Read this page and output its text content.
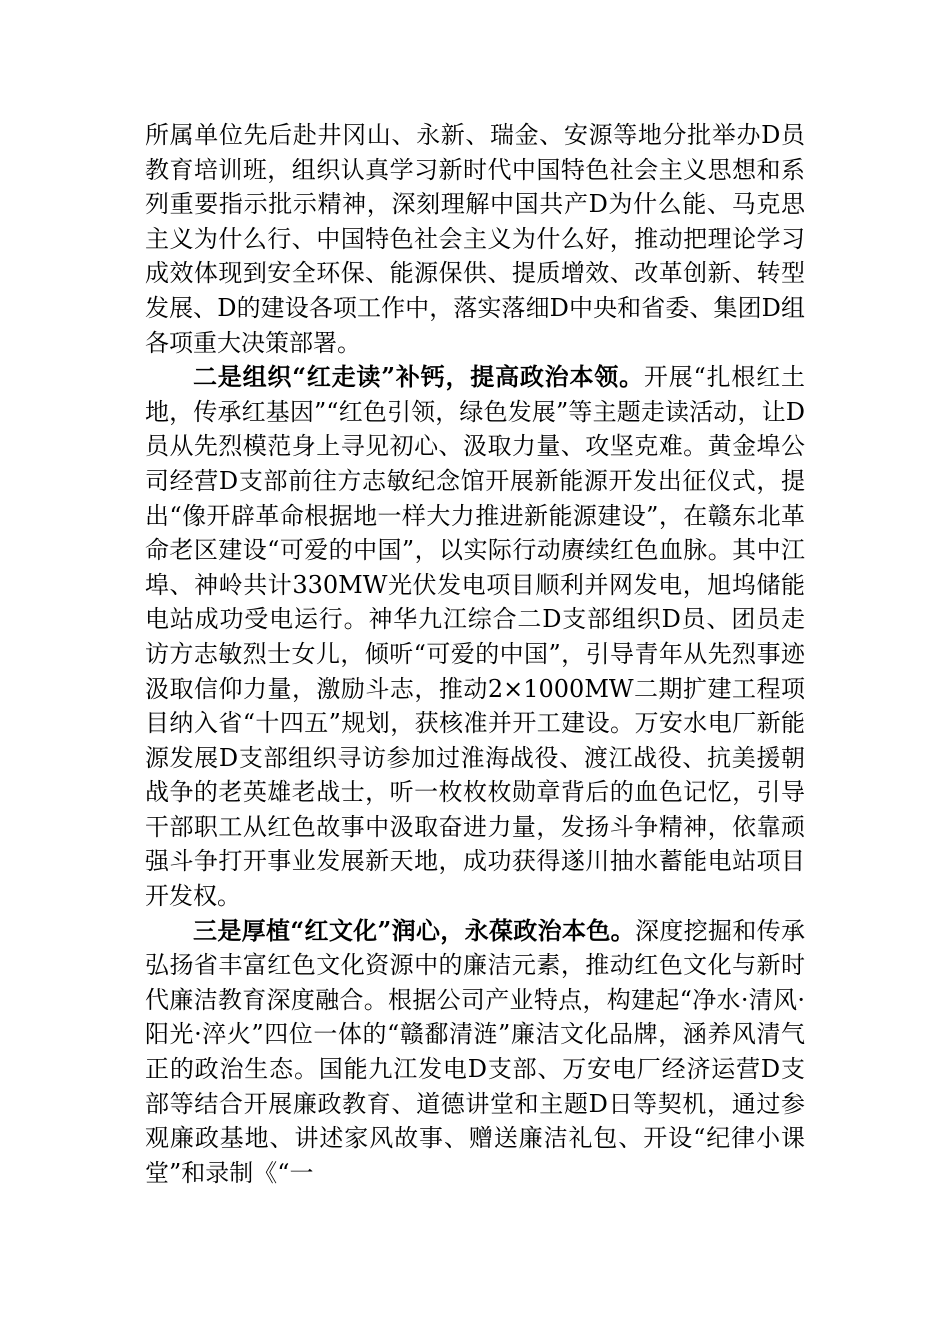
所属单位先后赴井冈山、永新、瑞金、安源等地分批举办D员教育培训班，组织认真学习新时代中国特色社会主义思想和系列重要指示批示精神，深刻理解中国共产D为什么能、马克思主义为什么行、中国特色社会主义为什么好，推动把理论学习成效体现到安全环保、能源保供、提质增效、改革创新、转型发展、D的建设各项工作中，落实落细D中央和省委、集团D组各项重大决策部署。

二是组织“红走读”补钙，提高政治本领。开展“扎根红土地，传承红基因”“红色引领，绿色发展”等主题走读活动，让D员从先烈模范身上寻见初心、汲取力量、攻坚克难。黄金埠公司经营D支部前往方志敏纪念馆开展新能源开发出征仪式，提出“像开辟革命根据地一样大力推进新能源建设”，在赣东北革命老区建设“可爱的中国”，以实际行动赓续红色血脉。其中江埠、神岭共计330MW光伏发电项目顺利并网发电，旭坞储能电站成功受电运行。神华九江综合二D支部组织D员、团员走访方志敏烈士女儿，倾听“可爱的中国”，引导青年从先烈事迹汲取信仰力量，激励斗志，推动2×1000MW二期扩建工程项目纳入省“十四五”规划，获核准并开工建设。万安水电厂新能源发展D支部组织寻访参加过淮海战役、渡江战役、抗美援朝战争的老英雄老战士，听一枚枚枚勋章背后的血色记忆，引导干部职工从红色故事中汲取奋进力量，发扬斗争精神，依靠顽强斗争打开事业发展新天地，成功获得遂川抽水蓄能电站项目开发权。

三是厚植“红文化”润心，永葆政治本色。深度挖掘和传承弘扬省丰富红色文化资源中的廉洁元素，推动红色文化与新时代廉洁教育深度融合。根据公司产业特点，构建起“净水·清风·阳光·淬火”四位一体的“赣鄱清涟”廉洁文化品牌，涵养风清气正的政治生态。国能九江发电D支部、万安电厂经济运营D支部等结合开展廉政教育、道德讲堂和主题D日等契机，通过参观廉政基地、讲述家风故事、赠送廉洁礼包、开设“纪律小课堂”和录制《“一
